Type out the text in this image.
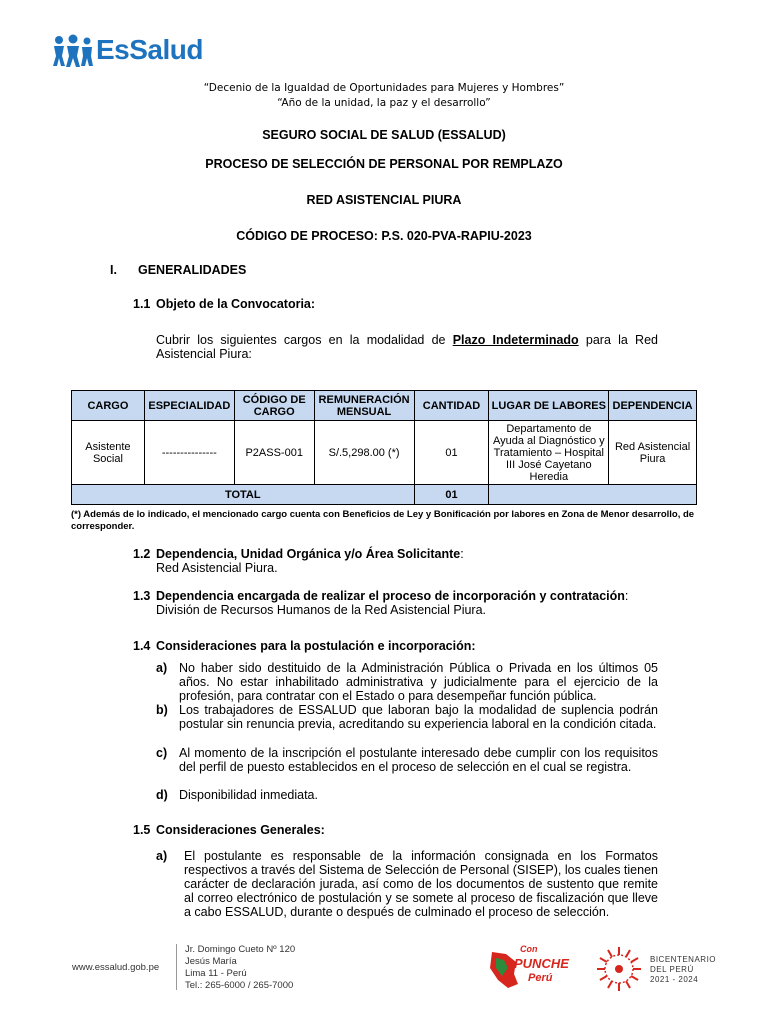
EsSalud
“Decenio de la Igualdad de Oportunidades para Mujeres y Hombres”
“Año de la unidad, la paz y el desarrollo”
SEGURO SOCIAL DE SALUD (ESSALUD)
PROCESO DE SELECCIÓN DE PERSONAL POR REMPLAZO
RED ASISTENCIAL PIURA
CÓDIGO DE PROCESO: P.S. 020-PVA-RAPIU-2023
I. GENERALIDADES
1.1 Objeto de la Convocatoria:
Cubrir los siguientes cargos en la modalidad de Plazo Indeterminado para la Red
Asistencial Piura:
CARGO	ESPECIALIDAD	CÓDIGO DE CARGO	REMUNERACIÓN MENSUAL	CANTIDAD	LUGAR DE LABORES	DEPENDENCIA
Asistente Social	---------------	P2ASS-001	S/.5,298.00 (*)	01	Departamento de Ayuda al Diagnóstico y Tratamiento – Hospital III José Cayetano Heredia	Red Asistencial Piura
TOTAL				01		
(*) Además de lo indicado, el mencionado cargo cuenta con Beneficios de Ley y Bonificación por labores en Zona de Menor desarrollo, de corresponder.
1.2 Dependencia, Unidad Orgánica y/o Área Solicitante:
Red Asistencial Piura.
1.3 Dependencia encargada de realizar el proceso de incorporación y contratación:
División de Recursos Humanos de la Red Asistencial Piura.
1.4 Consideraciones para la postulación e incorporación:
a) No haber sido destituido de la Administración Pública o Privada en los últimos 05 años. No estar inhabilitado administrativa y judicialmente para el ejercicio de la profesión, para contratar con el Estado o para desempeñar función pública.
b) Los trabajadores de ESSALUD que laboran bajo la modalidad de suplencia podrán postular sin renuncia previa, acreditando su experiencia laboral en la condición citada.
c) Al momento de la inscripción el postulante interesado debe cumplir con los requisitos del perfil de puesto establecidos en el proceso de selección en el cual se registra.
d) Disponibilidad inmediata.
1.5 Consideraciones Generales:
a) El postulante es responsable de la información consignada en los Formatos respectivos a través del Sistema de Selección de Personal (SISEP), los cuales tienen carácter de declaración jurada, así como de los documentos de sustento que remite al correo electrónico de postulación y se somete al proceso de fiscalización que lleve a cabo ESSALUD, durante o después de culminado el proceso de selección.
www.essalud.gob.pe
Jr. Domingo Cueto Nº 120
Jesús María
Lima 11 - Perú
Tel.: 265-6000 / 265-7000
Con
PUNCHE
Perú
BICENTENARIO
DEL PERÚ
2021 - 2024
